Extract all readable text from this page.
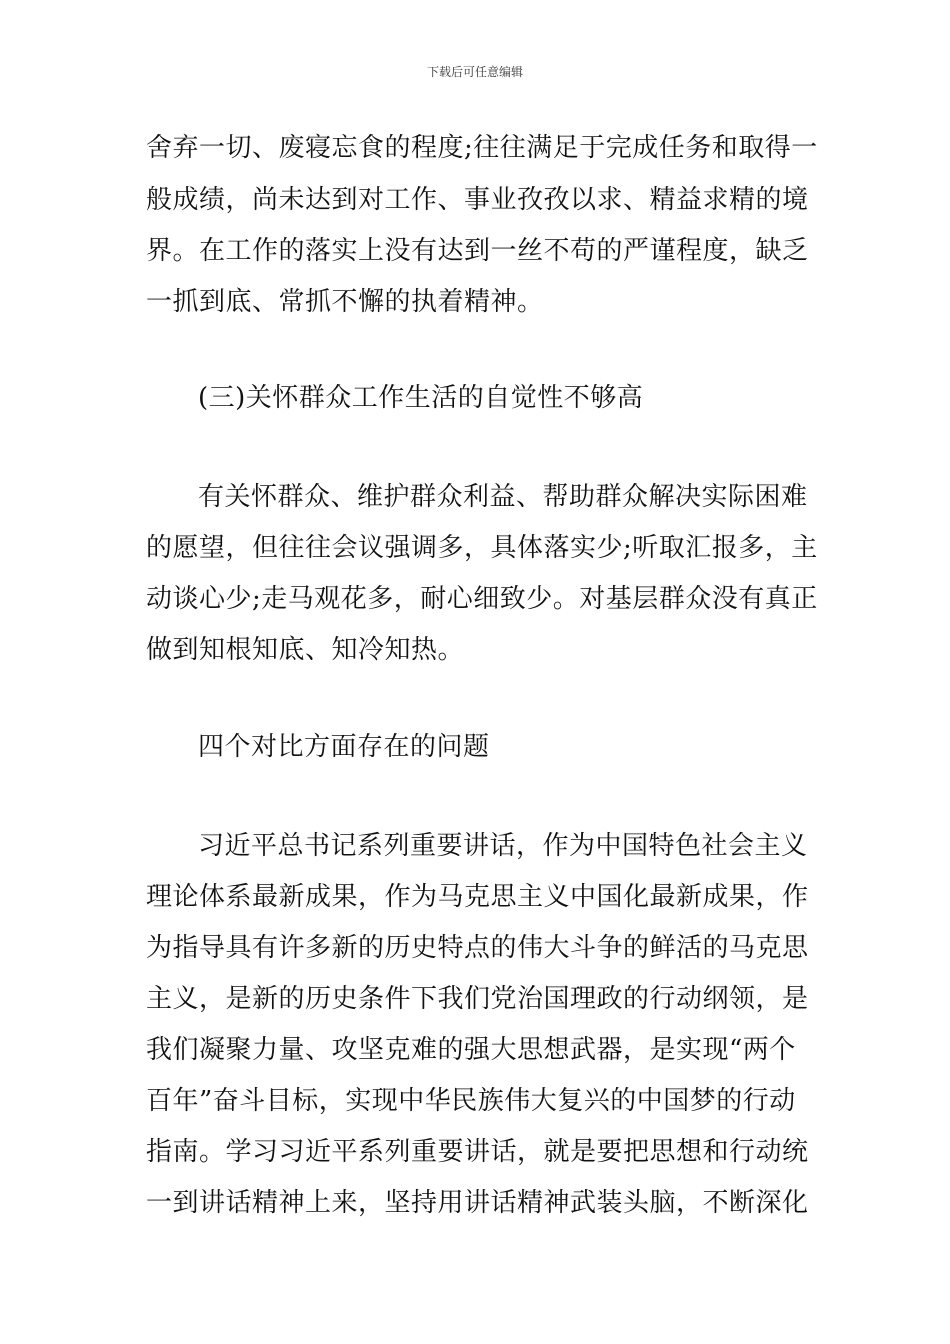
下载后可任意编辑
舍弃一切、废寝忘食的程度;往往满足于完成任务和取得一
般成绩，尚未达到对工作、事业孜孜以求、精益求精的境
界。在工作的落实上没有达到一丝不苟的严谨程度，缺乏
一抓到底、常抓不懈的执着精神。
(三)关怀群众工作生活的自觉性不够高
有关怀群众、维护群众利益、帮助群众解决实际困难
的愿望，但往往会议强调多，具体落实少;听取汇报多，主
动谈心少;走马观花多，耐心细致少。对基层群众没有真正
做到知根知底、知冷知热。
四个对比方面存在的问题
习近平总书记系列重要讲话，作为中国特色社会主义
理论体系最新成果，作为马克思主义中国化最新成果，作
为指导具有许多新的历史特点的伟大斗争的鲜活的马克思
主义，是新的历史条件下我们党治国理政的行动纲领，是
我们凝聚力量、攻坚克难的强大思想武器，是实现“两个
百年”奋斗目标，实现中华民族伟大复兴的中国梦的行动
指南。学习习近平系列重要讲话，就是要把思想和行动统
一到讲话精神上来，坚持用讲话精神武装头脑，不断深化
